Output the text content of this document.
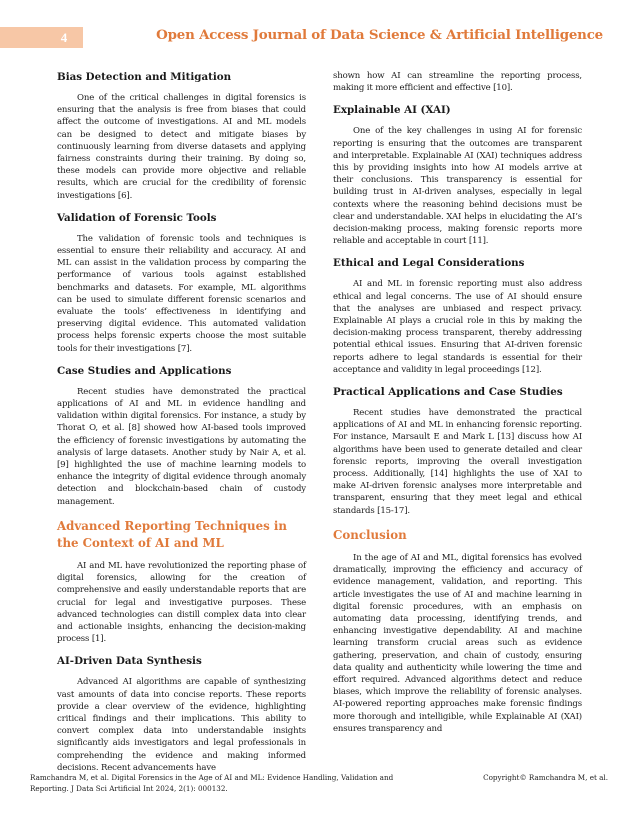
4	Open Access Journal of Data Science & Artificial Intelligence
Bias Detection and Mitigation

One of the critical challenges in digital forensics is ensuring that the analysis is free from biases that could affect the outcome of investigations. AI and ML models can be designed to detect and mitigate biases by continuously learning from diverse datasets and applying fairness constraints during their training. By doing so, these models can provide more objective and reliable results, which are crucial for the credibility of forensic investigations [6].

Validation of Forensic Tools

The validation of forensic tools and techniques is essential to ensure their reliability and accuracy. AI and ML can assist in the validation process by comparing the performance of various tools against established benchmarks and datasets. For example, ML algorithms can be used to simulate different forensic scenarios and evaluate the tools’ effectiveness in identifying and preserving digital evidence. This automated validation process helps forensic experts choose the most suitable tools for their investigations [7].

Case Studies and Applications

Recent studies have demonstrated the practical applications of AI and ML in evidence handling and validation within digital forensics. For instance, a study by Thorat O, et al. [8] showed how AI-based tools improved the efficiency of forensic investigations by automating the analysis of large datasets. Another study by Nair A, et al. [9] highlighted the use of machine learning models to enhance the integrity of digital evidence through anomaly detection and blockchain-based chain of custody management.

Advanced Reporting Techniques in the Context of AI and ML

AI and ML have revolutionized the reporting phase of digital forensics, allowing for the creation of comprehensive and easily understandable reports that are crucial for legal and investigative purposes. These advanced technologies can distill complex data into clear and actionable insights, enhancing the decision-making process [1].

AI-Driven Data Synthesis

Advanced AI algorithms are capable of synthesizing vast amounts of data into concise reports. These reports provide a clear overview of the evidence, highlighting critical findings and their implications. This ability to convert complex data into understandable insights significantly aids investigators and legal professionals in comprehending the evidence and making informed decisions. Recent advancements have

shown how AI can streamline the reporting process, making it more efficient and effective [10].

Explainable AI (XAI)

One of the key challenges in using AI for forensic reporting is ensuring that the outcomes are transparent and interpretable. Explainable AI (XAI) techniques address this by providing insights into how AI models arrive at their conclusions. This transparency is essential for building trust in AI-driven analyses, especially in legal contexts where the reasoning behind decisions must be clear and understandable. XAI helps in elucidating the AI’s decision-making process, making forensic reports more reliable and acceptable in court [11].

Ethical and Legal Considerations

AI and ML in forensic reporting must also address ethical and legal concerns. The use of AI should ensure that the analyses are unbiased and respect privacy. Explainable AI plays a crucial role in this by making the decision-making process transparent, thereby addressing potential ethical issues. Ensuring that AI-driven forensic reports adhere to legal standards is essential for their acceptance and validity in legal proceedings [12].

Practical Applications and Case Studies

Recent studies have demonstrated the practical applications of AI and ML in enhancing forensic reporting. For instance, Marsault E and Mark L [13] discuss how AI algorithms have been used to generate detailed and clear forensic reports, improving the overall investigation process. Additionally, [14] highlights the use of XAI to make AI-driven forensic analyses more interpretable and transparent, ensuring that they meet legal and ethical standards [15-17].

Conclusion

In the age of AI and ML, digital forensics has evolved dramatically, improving the efficiency and accuracy of evidence management, validation, and reporting. This article investigates the use of AI and machine learning in digital forensic procedures, with an emphasis on automating data processing, identifying trends, and enhancing investigative dependability. AI and machine learning transform crucial areas such as evidence gathering, preservation, and chain of custody, ensuring data quality and authenticity while lowering the time and effort required. Advanced algorithms detect and reduce biases, which improve the reliability of forensic analyses. AI-powered reporting approaches make forensic findings more thorough and intelligible, while Explainable AI (XAI) ensures transparency and

Ramchandra M, et al. Digital Forensics in the Age of AI and ML: Evidence Handling, Validation and Reporting. J Data Sci Artificial Int 2024, 2(1): 000132.
Copyright© Ramchandra M, et al.
